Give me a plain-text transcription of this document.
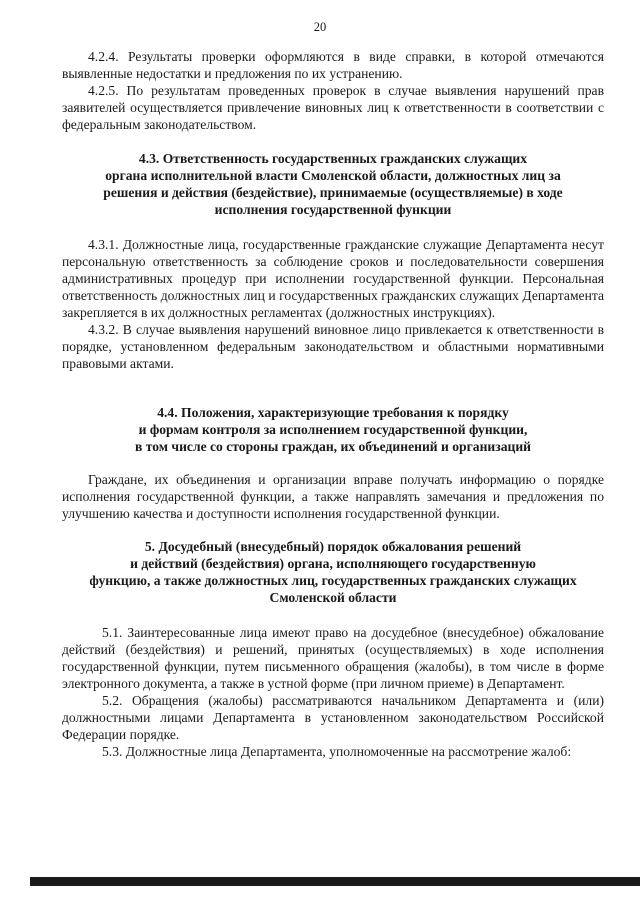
20

4.2.4. Результаты проверки оформляются в виде справки, в которой отмечаются выявленные недостатки и предложения по их устранению.

4.2.5. По результатам проведенных проверок в случае выявления нарушений прав заявителей осуществляется привлечение виновных лиц к ответственности в соответствии с федеральным законодательством.

4.3. Ответственность государственных гражданских служащих
органа исполнительной власти Смоленской области, должностных лиц за
решения и действия (бездействие), принимаемые (осуществляемые) в ходе
исполнения государственной функции

4.3.1. Должностные лица, государственные гражданские служащие Департамента несут персональную ответственность за соблюдение сроков и последовательности совершения административных процедур при исполнении государственной функции. Персональная ответственность должностных лиц и государственных гражданских служащих Департамента закрепляется в их должностных регламентах (должностных инструкциях).

4.3.2. В случае выявления нарушений виновное лицо привлекается к ответственности в порядке, установленном федеральным законодательством и областными нормативными правовыми актами.

4.4. Положения, характеризующие требования к порядку
и формам контроля за исполнением государственной функции,
в том числе со стороны граждан, их объединений и организаций

Граждане, их объединения и организации вправе получать информацию о порядке исполнения государственной функции, а также направлять замечания и предложения по улучшению качества и доступности исполнения государственной функции.

5. Досудебный (внесудебный) порядок обжалования решений
и действий (бездействия) органа, исполняющего государственную
функцию, а также должностных лиц, государственных гражданских служащих
Смоленской области

5.1. Заинтересованные лица имеют право на досудебное (внесудебное) обжалование действий (бездействия) и решений, принятых (осуществляемых) в ходе исполнения государственной функции, путем письменного обращения (жалобы), в том числе в форме электронного документа, а также в устной форме (при личном приеме) в Департамент.

5.2. Обращения (жалобы) рассматриваются начальником Департамента и (или) должностными лицами Департамента в установленном законодательством Российской Федерации порядке.

5.3. Должностные лица Департамента, уполномоченные на рассмотрение жалоб:
